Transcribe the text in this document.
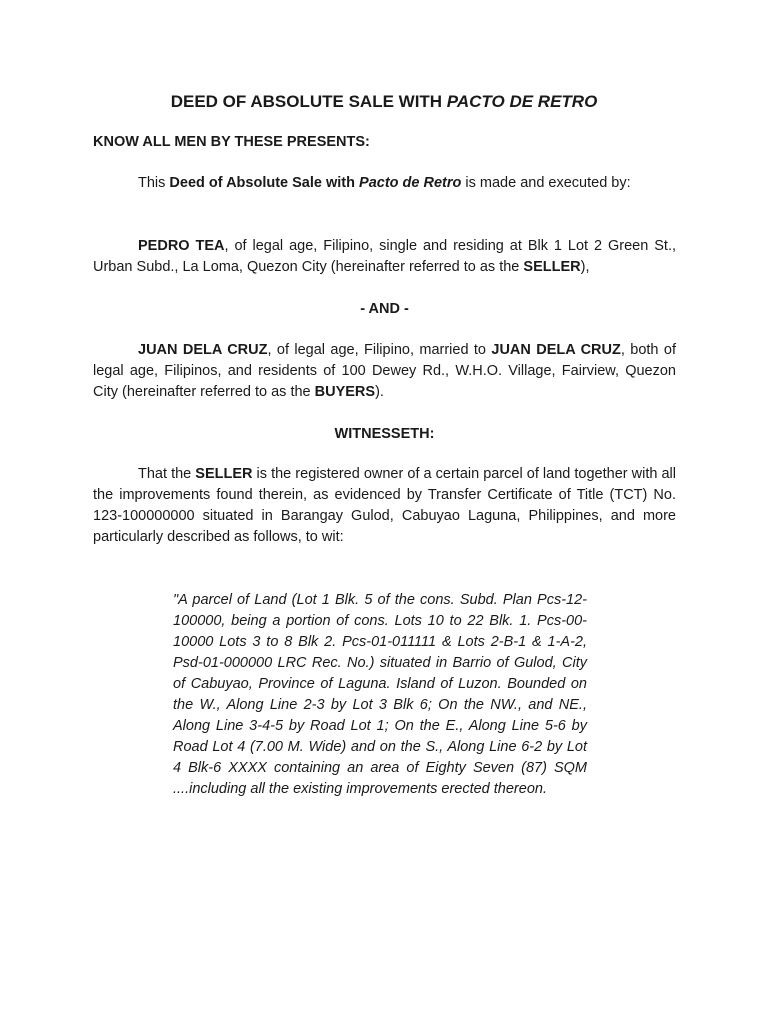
DEED OF ABSOLUTE SALE WITH PACTO DE RETRO

KNOW ALL MEN BY THESE PRESENTS:

This Deed of Absolute Sale with Pacto de Retro is made and executed by:

PEDRO TEA, of legal age, Filipino, single and residing at Blk 1 Lot 2 Green St., Urban Subd., La Loma, Quezon City (hereinafter referred to as the SELLER),

- AND -

JUAN DELA CRUZ, of legal age, Filipino, married to JUAN DELA CRUZ, both of legal age, Filipinos, and residents of 100 Dewey Rd., W.H.O. Village, Fairview, Quezon City (hereinafter referred to as the BUYERS).

WITNESSETH:

That the SELLER is the registered owner of a certain parcel of land together with all the improvements found therein, as evidenced by Transfer Certificate of Title (TCT) No. 123-100000000 situated in Barangay Gulod, Cabuyao Laguna, Philippines, and more particularly described as follows, to wit:

"A parcel of Land (Lot 1 Blk. 5 of the cons. Subd. Plan Pcs-12-100000, being a portion of cons. Lots 10 to 22 Blk. 1. Pcs-00-10000 Lots 3 to 8 Blk 2. Pcs-01-011111 & Lots 2-B-1 & 1-A-2, Psd-01-000000 LRC Rec. No.) situated in Barrio of Gulod, City of Cabuyao, Province of Laguna. Island of Luzon. Bounded on the W., Along Line 2-3 by Lot 3 Blk 6; On the NW., and NE., Along Line 3-4-5 by Road Lot 1; On the E., Along Line 5-6 by Road Lot 4 (7.00 M. Wide) and on the S., Along Line 6-2 by Lot 4 Blk-6 XXXX containing an area of Eighty Seven (87) SQM ....including all the existing improvements erected thereon.
